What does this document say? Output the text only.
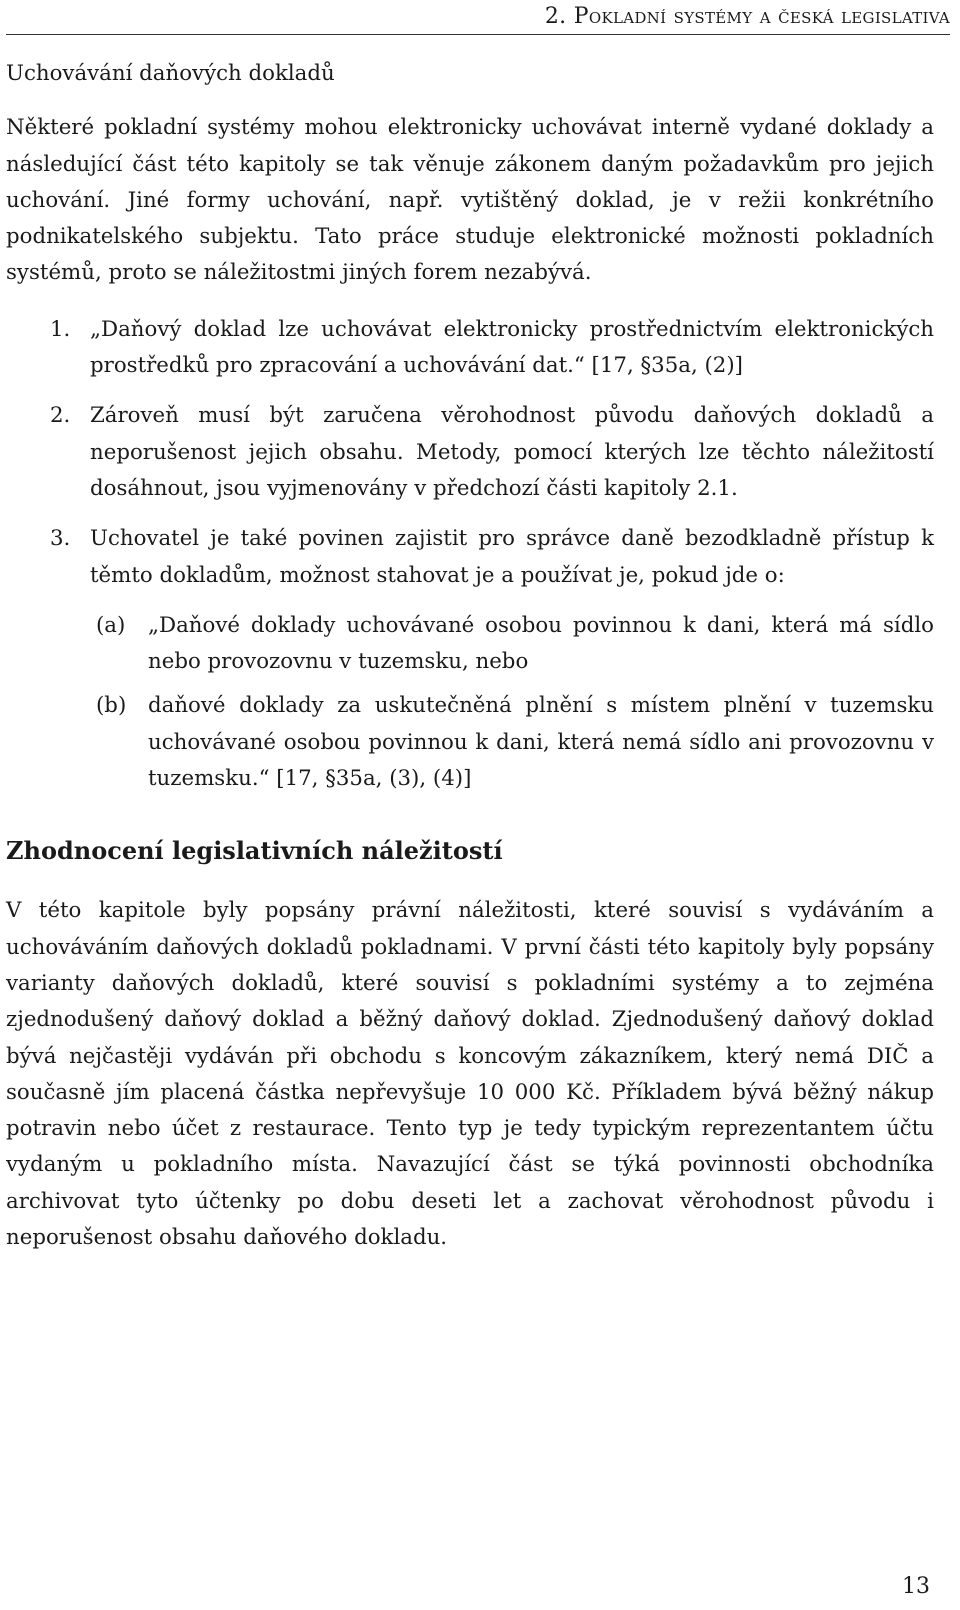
2. Pokladní systémy a česká legislativa
Uchovávání daňových dokladů

Některé pokladní systémy mohou elektronicky uchovávat interně vydané doklady a následující část této kapitoly se tak věnuje zákonem daným požadavkům pro jejich uchování. Jiné formy uchování, např. vytištěný doklad, je v režii konkrétního podnikatelského subjektu. Tato práce studuje elektronické možnosti pokladních systémů, proto se náležitostmi jiných forem nezabývá.

1. „Daňový doklad lze uchovávat elektronicky prostřednictvím elektronických prostředků pro zpracování a uchovávání dat.“ [17, §35a, (2)]
2. Zároveň musí být zaručena věrohodnost původu daňových dokladů a neporušenost jejich obsahu. Metody, pomocí kterých lze těchto náležitostí dosáhnout, jsou vyjmenovány v předchozí části kapitoly 2.1.
3. Uchovatel je také povinen zajistit pro správce daně bezodkladně přístup k těmto dokladům, možnost stahovat je a používat je, pokud jde o:
(a) „Daňové doklady uchovávané osobou povinnou k dani, která má sídlo nebo provozovnu v tuzemsku, nebo
(b) daňové doklady za uskutečněná plnění s místem plnění v tuzemsku uchovávané osobou povinnou k dani, která nemá sídlo ani provozovnu v tuzemsku.“ [17, §35a, (3), (4)]
Zhodnocení legislativních náležitostí

V této kapitole byly popsány právní náležitosti, které souvisí s vydáváním a uchováváním daňových dokladů pokladnami. V první části této kapitoly byly popsány varianty daňových dokladů, které souvisí s pokladními systémy a to zejména zjednodušený daňový doklad a běžný daňový doklad. Zjednodušený daňový doklad bývá nejčastěji vydáván při obchodu s koncovým zákazníkem, který nemá DIČ a současně jím placená částka nepřevyšuje 10 000 Kč. Příkladem bývá běžný nákup potravin nebo účet z restaurace. Tento typ je tedy typickým reprezentantem účtu vydaným u pokladního místa. Navazující část se týká povinnosti obchodníka archivovat tyto účtenky po dobu deseti let a zachovat věrohodnost původu i neporušenost obsahu daňového dokladu.

13
